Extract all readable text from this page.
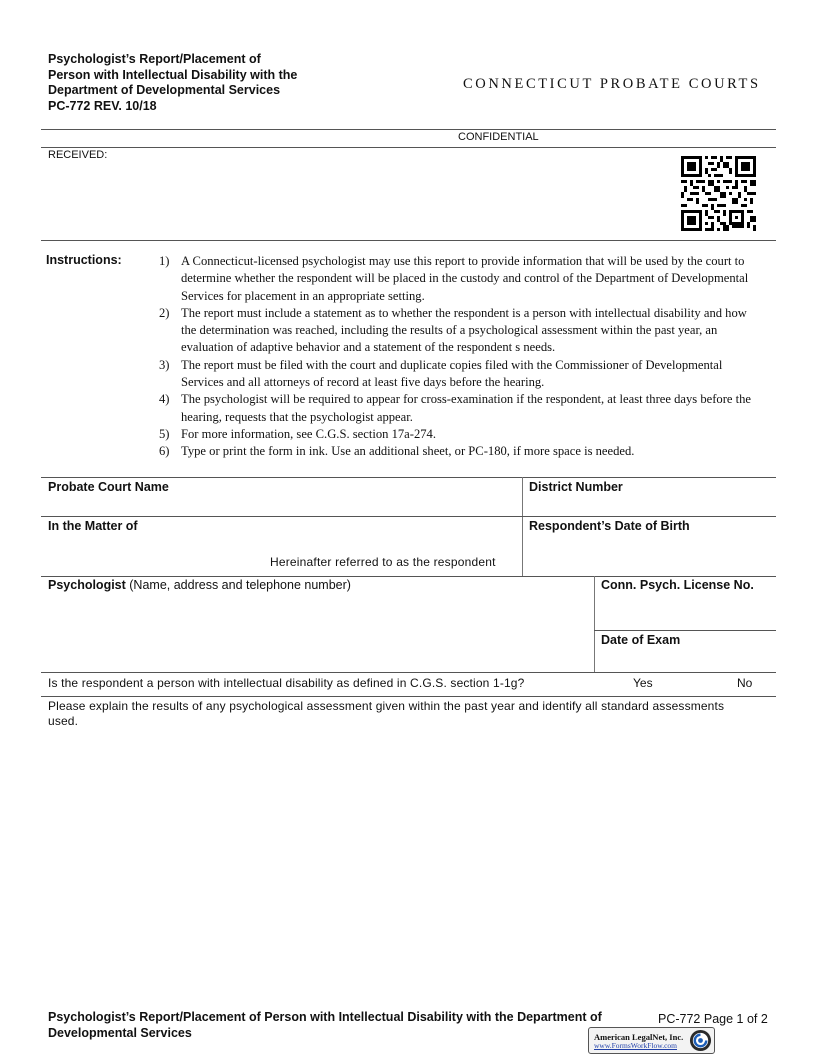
Psychologist’s Report/Placement of
Person with Intellectual Disability with the
Department of Developmental Services
PC-772 REV. 10/18
CONNECTICUT PROBATE COURTS
CONFIDENTIAL
RECEIVED:
Instructions:	1) A Connecticut-licensed psychologist may use this report to provide information that will be used by the court to determine whether the respondent will be placed in the custody and control of the Department of Developmental Services for placement in an appropriate setting.
2) The report must include a statement as to whether the respondent is a person with intellectual disability and how the determination was reached, including the results of a psychological assessment within the past year, an evaluation of adaptive behavior and a statement of the respondent s needs.
3) The report must be filed with the court and duplicate copies filed with the Commissioner of Developmental Services and all attorneys of record at least five days before the hearing.
4) The psychologist will be required to appear for cross-examination if the respondent, at least three days before the hearing, requests that the psychologist appear.
5) For more information, see C.G.S. section 17a-274.
6) Type or print the form in ink. Use an additional sheet, or PC-180, if more space is needed.
Probate Court Name	District Number
In the Matter of	Respondent’s Date of Birth
Hereinafter referred to as the respondent
Psychologist (Name, address and telephone number)	Conn. Psych. License No.
Date of Exam
Is the respondent a person with intellectual disability as defined in C.G.S. section 1-1g?	Yes	No
Please explain the results of any psychological assessment given within the past year and identify all standard assessments used.
Psychologist’s Report/Placement of Person with Intellectual Disability with the Department of Developmental Services
PC-772 Page 1 of 2
American LegalNet, Inc.
www.FormsWorkFlow.com
